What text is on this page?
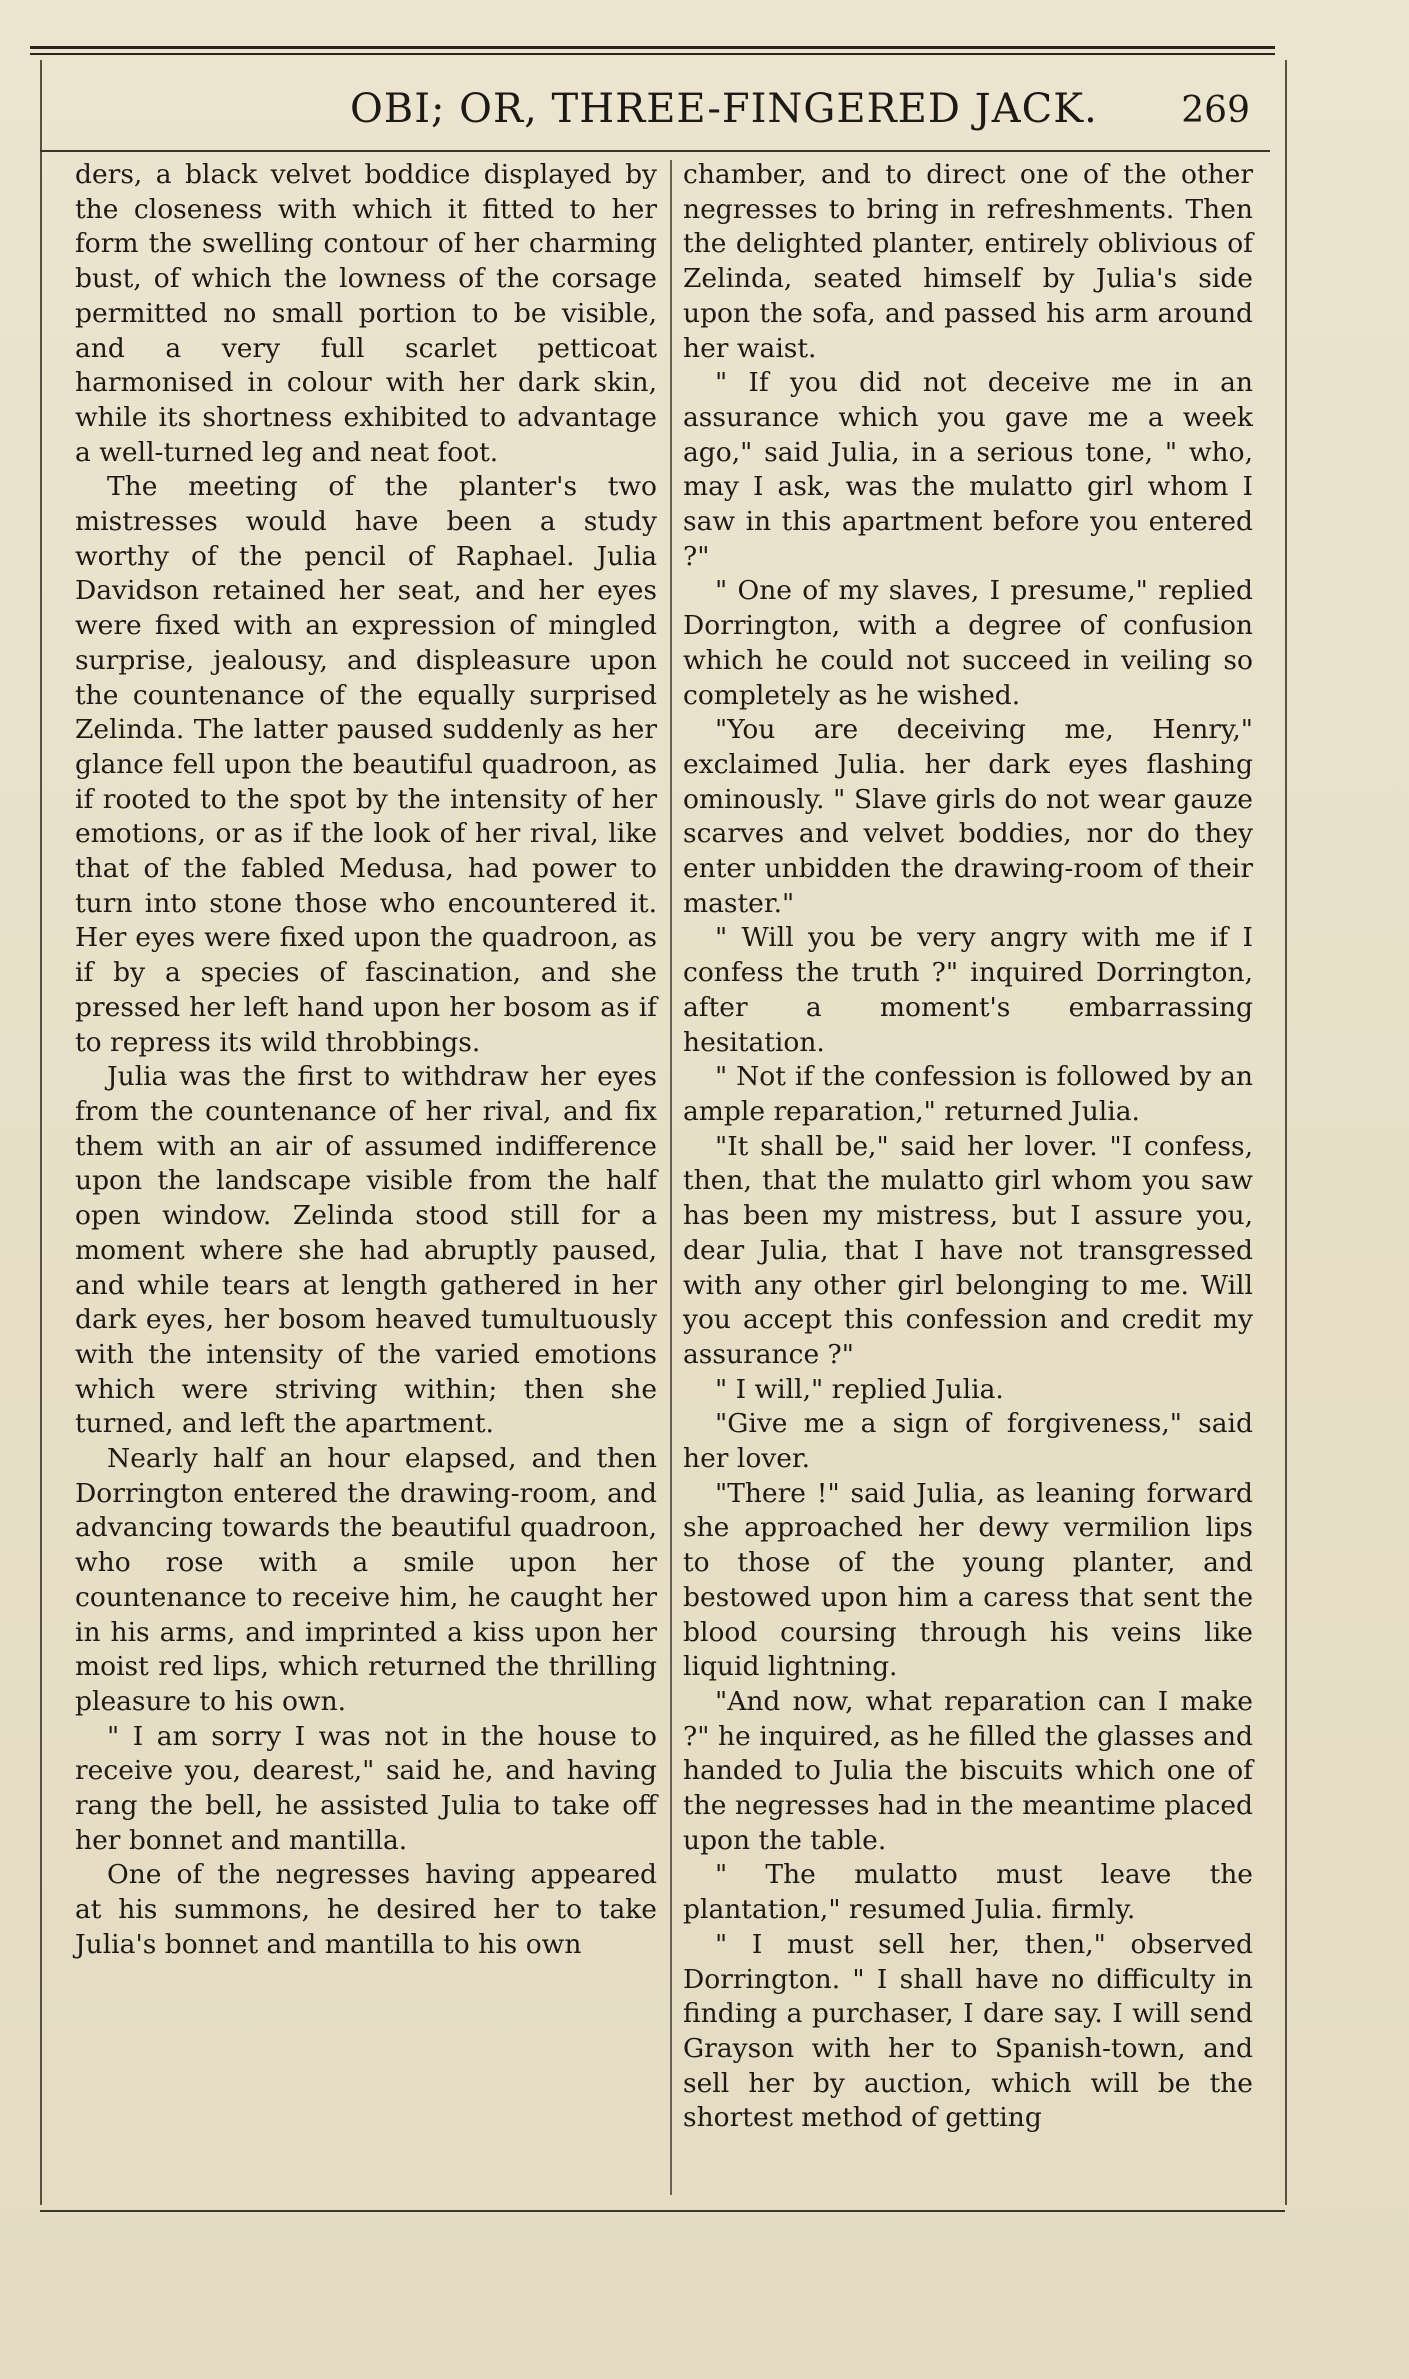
OBI; OR, THREE-FINGERED JACK. 269

ders, a black velvet boddice displayed by the closeness with which it fitted to her form the swelling contour of her charming bust, of which the lowness of the corsage permitted no small portion to be visible, and a very full scarlet petticoat harmonised in colour with her dark skin, while its shortness exhibited to advantage a well-turned leg and neat foot.

The meeting of the planter's two mistresses would have been a study worthy of the pencil of Raphael. Julia Davidson retained her seat, and her eyes were fixed with an expression of mingled surprise, jealousy, and displeasure upon the countenance of the equally surprised Zelinda. The latter paused suddenly as her glance fell upon the beautiful quadroon, as if rooted to the spot by the intensity of her emotions, or as if the look of her rival, like that of the fabled Medusa, had power to turn into stone those who encountered it. Her eyes were fixed upon the quadroon, as if by a species of fascination, and she pressed her left hand upon her bosom as if to repress its wild throbbings.

Julia was the first to withdraw her eyes from the countenance of her rival, and fix them with an air of assumed indifference upon the landscape visible from the half open window. Zelinda stood still for a moment where she had abruptly paused, and while tears at length gathered in her dark eyes, her bosom heaved tumultuously with the intensity of the varied emotions which were striving within; then she turned, and left the apartment.

Nearly half an hour elapsed, and then Dorrington entered the drawing-room, and advancing towards the beautiful quadroon, who rose with a smile upon her countenance to receive him, he caught her in his arms, and imprinted a kiss upon her moist red lips, which returned the thrilling pleasure to his own.

" I am sorry I was not in the house to receive you, dearest," said he, and having rang the bell, he assisted Julia to take off her bonnet and mantilla.

One of the negresses having appeared at his summons, he desired her to take Julia's bonnet and mantilla to his own

chamber, and to direct one of the other negresses to bring in refreshments. Then the delighted planter, entirely oblivious of Zelinda, seated himself by Julia's side upon the sofa, and passed his arm around her waist.

" If you did not deceive me in an assurance which you gave me a week ago," said Julia, in a serious tone, " who, may I ask, was the mulatto girl whom I saw in this apartment before you entered ?"

" One of my slaves, I presume," replied Dorrington, with a degree of confusion which he could not succeed in veiling so completely as he wished.

"You are deceiving me, Henry," exclaimed Julia. her dark eyes flashing ominously. " Slave girls do not wear gauze scarves and velvet boddies, nor do they enter unbidden the drawing-room of their master."

" Will you be very angry with me if I confess the truth ?" inquired Dorrington, after a moment's embarrassing hesitation.

" Not if the confession is followed by an ample reparation," returned Julia.

"It shall be," said her lover. "I confess, then, that the mulatto girl whom you saw has been my mistress, but I assure you, dear Julia, that I have not transgressed with any other girl belonging to me. Will you accept this confession and credit my assurance ?"

" I will," replied Julia.

"Give me a sign of forgiveness," said her lover.

"There !" said Julia, as leaning forward she approached her dewy vermilion lips to those of the young planter, and bestowed upon him a caress that sent the blood coursing through his veins like liquid lightning.

"And now, what reparation can I make ?" he inquired, as he filled the glasses and handed to Julia the biscuits which one of the negresses had in the meantime placed upon the table.

" The mulatto must leave the plantation," resumed Julia. firmly.

" I must sell her, then," observed Dorrington. " I shall have no difficulty in finding a purchaser, I dare say. I will send Grayson with her to Spanish-town, and sell her by auction, which will be the shortest method of getting
